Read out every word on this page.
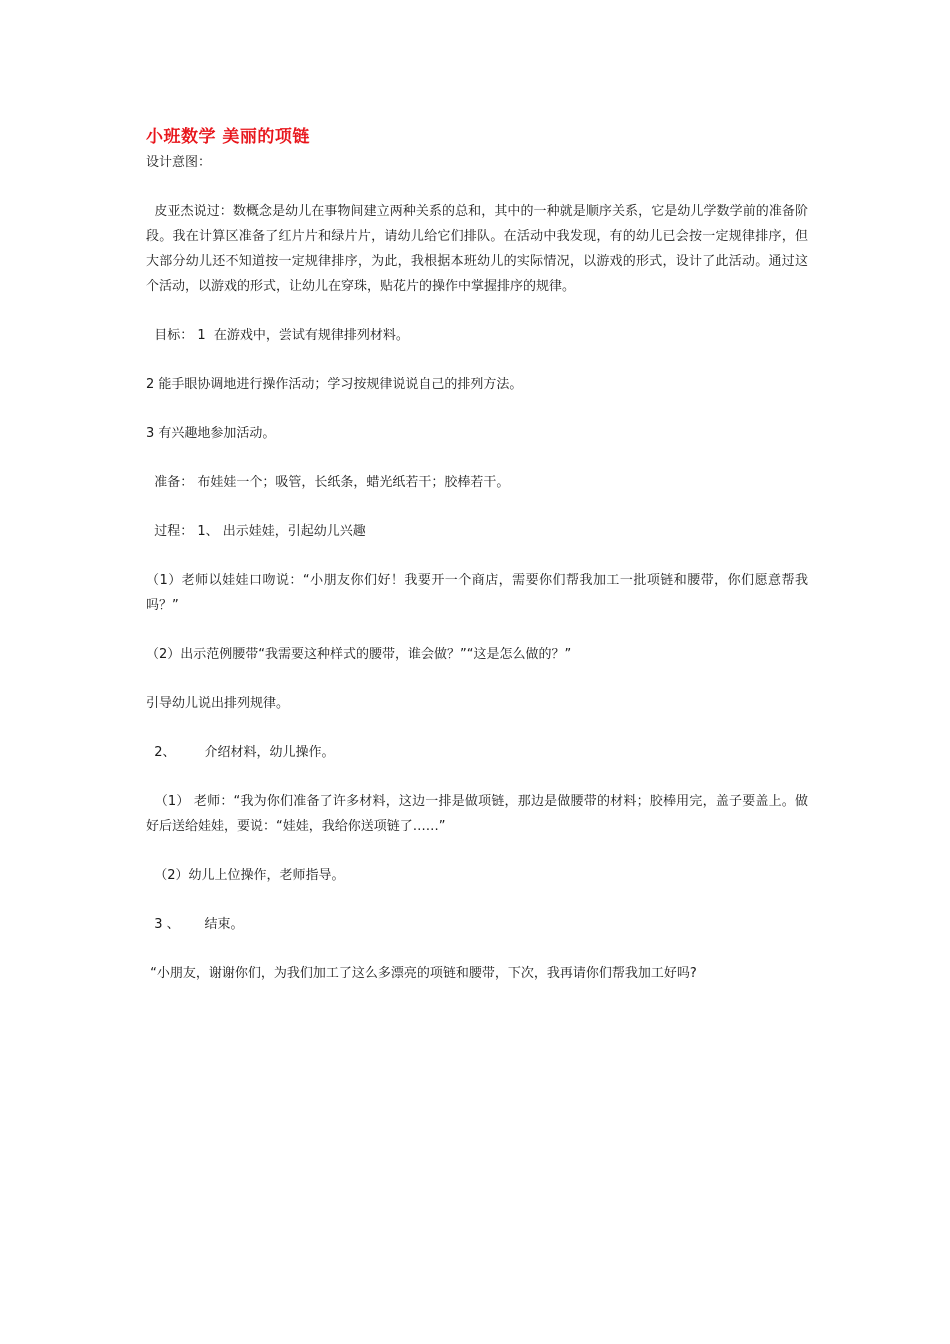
小班数学 美丽的项链

设计意图：

皮亚杰说过：数概念是幼儿在事物间建立两种关系的总和，其中的一种就是顺序关系，它是幼儿学数学前的准备阶段。我在计算区准备了红片片和绿片片，请幼儿给它们排队。在活动中我发现，有的幼儿已会按一定规律排序，但大部分幼儿还不知道按一定规律排序，为此，我根据本班幼儿的实际情况，以游戏的形式，设计了此活动。通过这个活动，以游戏的形式，让幼儿在穿珠，贴花片的操作中掌握排序的规律。

目标： 1  在游戏中，尝试有规律排列材料。

2 能手眼协调地进行操作活动；学习按规律说说自己的排列方法。

3 有兴趣地参加活动。

准备： 布娃娃一个；吸管，长纸条，蜡光纸若干；胶棒若干。

过程： 1、 出示娃娃，引起幼儿兴趣

（1）老师以娃娃口吻说：“小朋友你们好！我要开一个商店，需要你们帮我加工一批项链和腰带，你们愿意帮我吗？”

（2）出示范例腰带“我需要这种样式的腰带，谁会做？”“这是怎么做的？”

引导幼儿说出排列规律。

2、       介绍材料，幼儿操作。

（1） 老师：“我为你们准备了许多材料，这边一排是做项链，那边是做腰带的材料；胶棒用完，盖子要盖上。做好后送给娃娃，要说：“娃娃，我给你送项链了……”

（2）幼儿上位操作，老师指导。

3 、      结束。

“小朋友，谢谢你们，为我们加工了这么多漂亮的项链和腰带，下次，我再请你们帮我加工好吗?
